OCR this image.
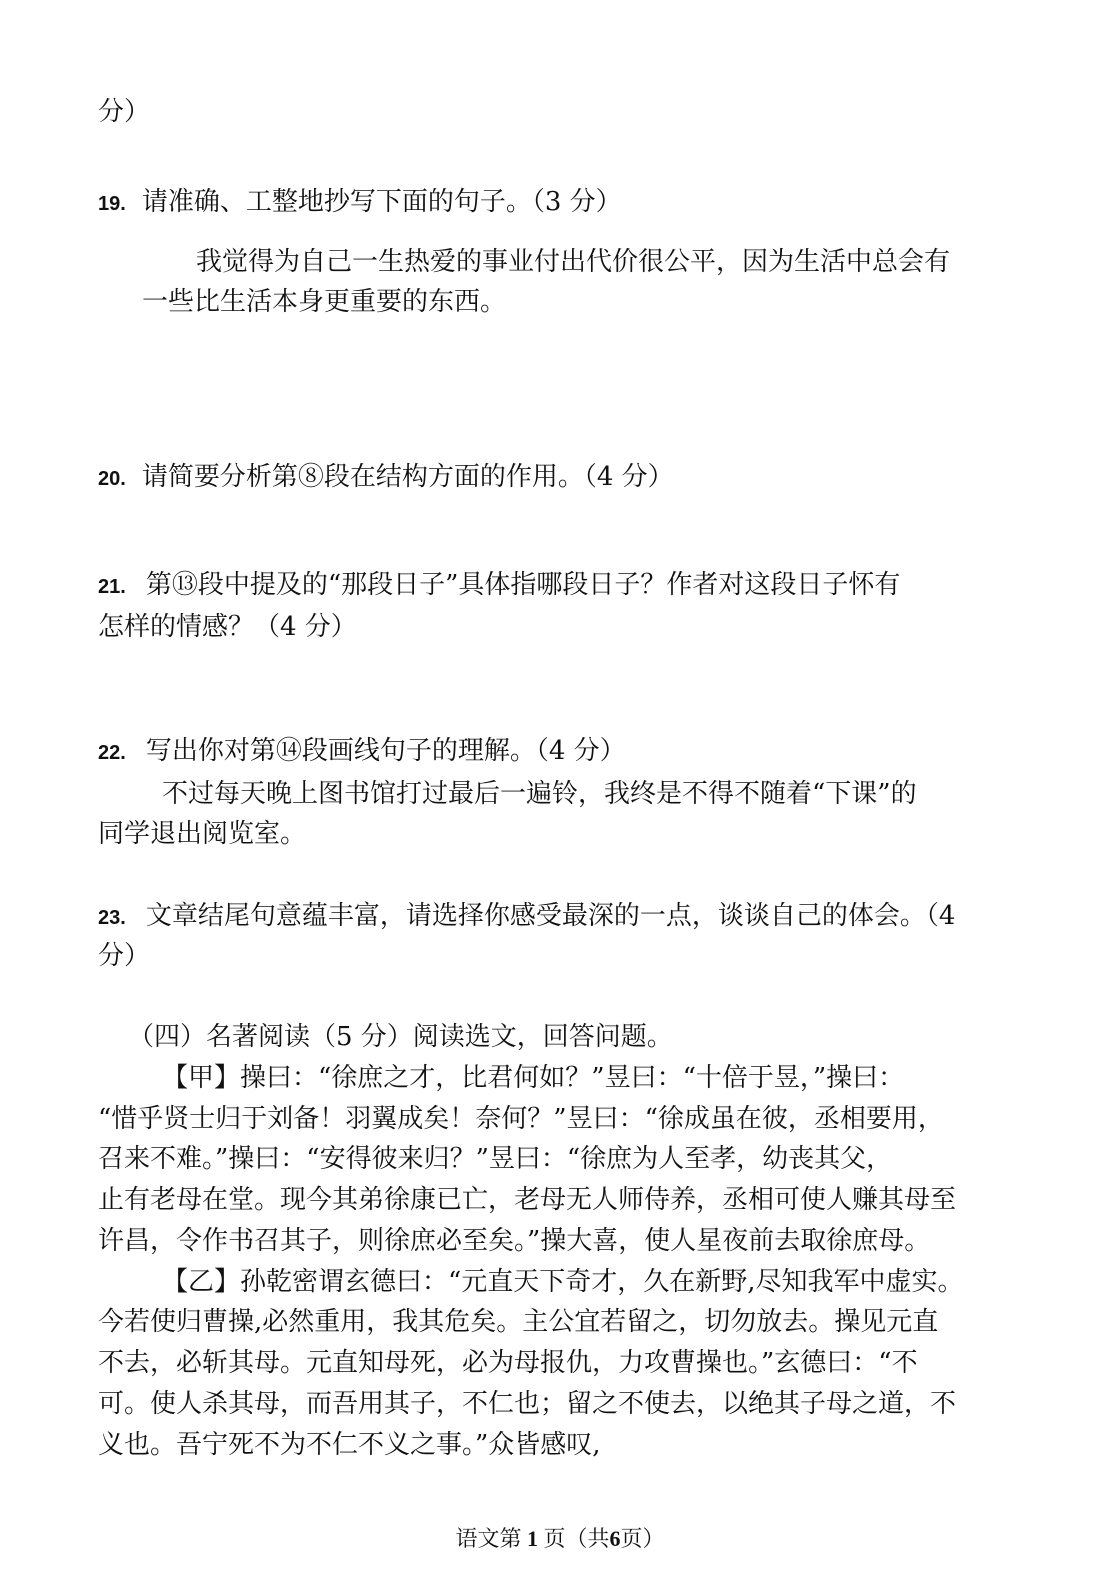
分）
19. 请准确、工整地抄写下面的句子。（3 分）
我觉得为自己一生热爱的事业付出代价很公平，因为生活中总会有
一些比生活本身更重要的东西。
20. 请简要分析第⑧段在结构方面的作用。（4 分）
21. 第⑬段中提及的“那段日子”具体指哪段日子？作者对这段日子怀有
怎样的情感？（4 分）
22. 写出你对第⑭段画线句子的理解。（4 分）
不过每天晚上图书馆打过最后一遍铃，我终是不得不随着“下课”的
同学退出阅览室。
23. 文章结尾句意蕴丰富，请选择你感受最深的一点，谈谈自己的体会。（4
分）
（四）名著阅读（5 分）阅读选文，回答问题。
【甲】操曰：“徐庶之才，比君何如？”昱曰：“十倍于昱，”操曰：
“惜乎贤士归于刘备！羽翼成矣！奈何？”昱曰：“徐成虽在彼，丞相要用，
召来不难。”操曰：“安得彼来归？”昱曰：“徐庶为人至孝，幼丧其父，
止有老母在堂。现今其弟徐康已亡，老母无人师侍养，丞相可使人赚其母至
许昌，令作书召其子，则徐庶必至矣。”操大喜，使人星夜前去取徐庶母。
【乙】孙乾密谓玄德曰：“元直天下奇才，久在新野,尽知我军中虚实。
今若使归曹操,必然重用，我其危矣。主公宜若留之，切勿放去。操见元直
不去，必斩其母。元直知母死，必为母报仇，力攻曹操也。”玄德曰：“不
可。使人杀其母，而吾用其子，不仁也；留之不使去，以绝其子母之道，不
义也。吾宁死不为不仁不义之事。”众皆感叹,
语文第 1 页（共6页）
